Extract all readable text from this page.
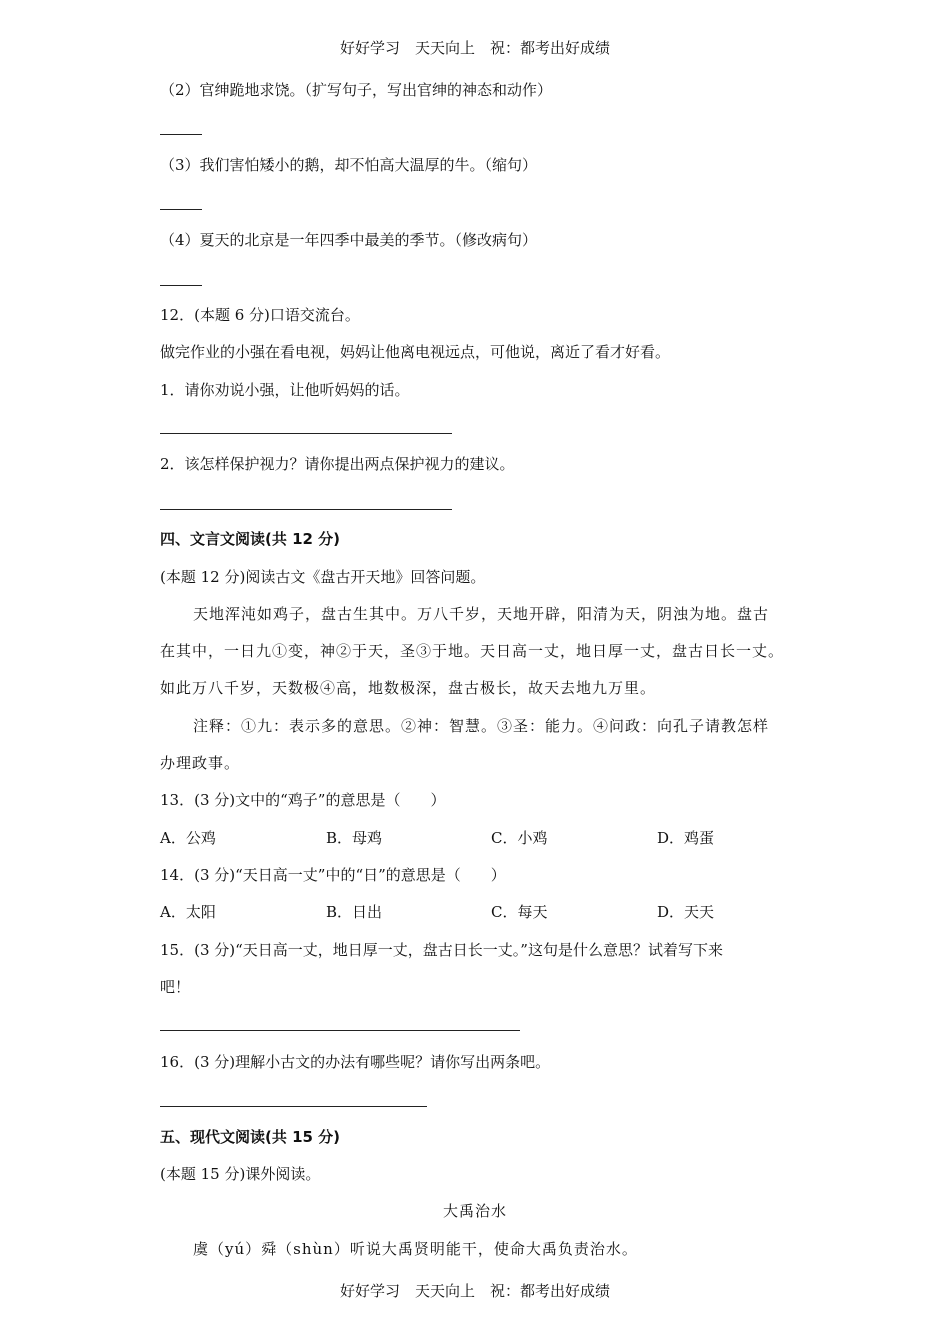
好好学习　天天向上　祝：都考出好成绩
（2）官绅跪地求饶。（扩写句子，写出官绅的神态和动作）
（3）我们害怕矮小的鹅，却不怕高大温厚的牛。（缩句）
（4）夏天的北京是一年四季中最美的季节。（修改病句）
12．(本题 6 分)口语交流台。
做完作业的小强在看电视，妈妈让他离电视远点，可他说，离近了看才好看。
1．请你劝说小强，让他听妈妈的话。
2．该怎样保护视力？请你提出两点保护视力的建议。
四、文言文阅读(共 12 分)
(本题 12 分)阅读古文《盘古开天地》回答问题。
天地浑沌如鸡子，盘古生其中。万八千岁，天地开辟，阳清为天，阴浊为地。盘古
在其中，一日九①变，神②于天，圣③于地。天日高一丈，地日厚一丈，盘古日长一丈。
如此万八千岁，天数极④高，地数极深，盘古极长，故天去地九万里。
注释：①九：表示多的意思。②神：智慧。③圣：能力。④问政：向孔子请教怎样
办理政事。
13．(3 分)文中的“鸡子”的意思是（　　）
A．公鸡	B．母鸡	C．小鸡	D．鸡蛋
14．(3 分)“天日高一丈”中的“日”的意思是（　　）
A．太阳	B．日出	C．每天	D．天天
15．(3 分)“天日高一丈，地日厚一丈，盘古日长一丈。”这句是什么意思？试着写下来
吧！
16．(3 分)理解小古文的办法有哪些呢？请你写出两条吧。
五、现代文阅读(共 15 分)
(本题 15 分)课外阅读。
大禹治水
虞（yú）舜（shùn）听说大禹贤明能干，使命大禹负责治水。
好好学习　天天向上　祝：都考出好成绩
